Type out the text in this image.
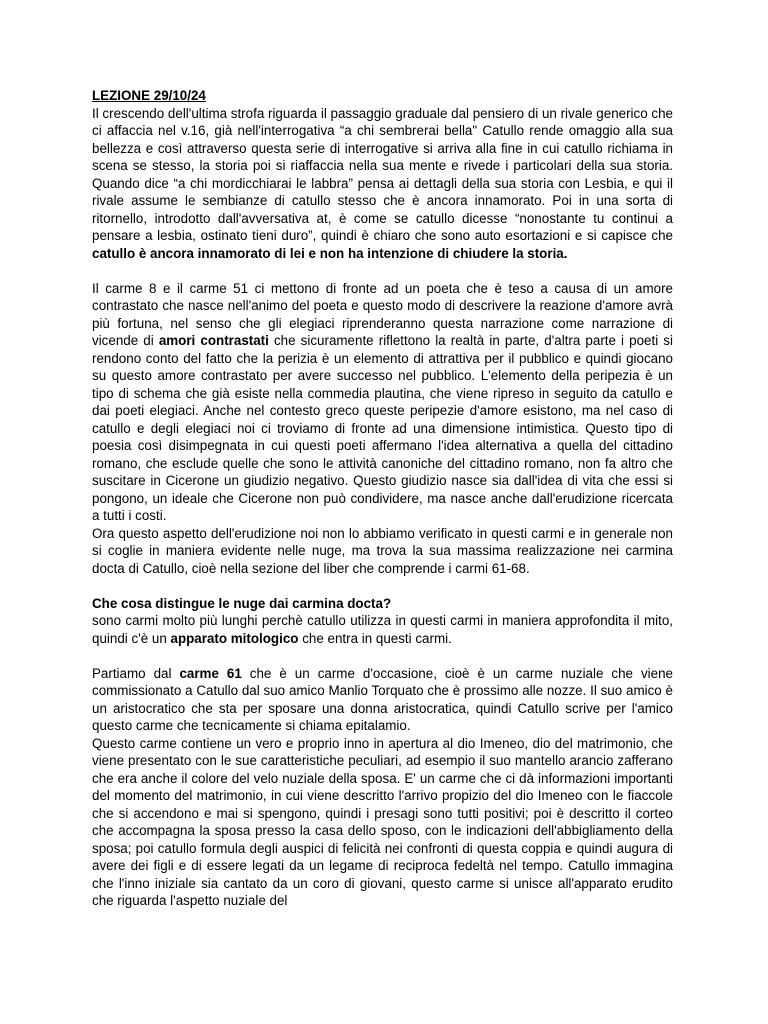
LEZIONE 29/10/24

Il crescendo dell'ultima strofa riguarda il passaggio graduale dal pensiero di un rivale generico che ci affaccia nel v.16, già nell'interrogativa “a chi sembrerai bella" Catullo rende omaggio alla sua bellezza e così attraverso questa serie di interrogative si arriva alla fine in cui catullo richiama in scena se stesso, la storia poi si riaffaccia nella sua mente e rivede i particolari della sua storia. Quando dice “a chi mordicchiarai le labbra” pensa ai dettagli della sua storia con Lesbia, e qui il rivale assume le sembianze di catullo stesso che è ancora innamorato. Poi in una sorta di ritornello, introdotto dall'avversativa at, è come se catullo dicesse “nonostante tu continui a pensare a lesbia, ostinato tieni duro”, quindi è chiaro che sono auto esortazioni e si capisce che catullo è ancora innamorato di lei e non ha intenzione di chiudere la storia.

Il carme 8 e il carme 51 ci mettono di fronte ad un poeta che è teso a causa di un amore contrastato che nasce nell'animo del poeta e questo modo di descrivere la reazione d'amore avrà più fortuna, nel senso che gli elegiaci riprenderanno questa narrazione come narrazione di vicende di amori contrastati che sicuramente riflettono la realtà in parte, d'altra parte i poeti si rendono conto del fatto che la perizia è un elemento di attrattiva per il pubblico e quindi giocano su questo amore contrastato per avere successo nel pubblico. L'elemento della peripezia è un tipo di schema che già esiste nella commedia plautina, che viene ripreso in seguito da catullo e dai poeti elegiaci. Anche nel contesto greco queste peripezie d'amore esistono, ma nel caso di catullo e degli elegiaci noi ci troviamo di fronte ad una dimensione intimistica. Questo tipo di poesia così disimpegnata in cui questi poeti affermano l'idea alternativa a quella del cittadino romano, che esclude quelle che sono le attività canoniche del cittadino romano, non fa altro che suscitare in Cicerone un giudizio negativo. Questo giudizio nasce sia dall'idea di vita che essi si pongono, un ideale che Cicerone non può condividere, ma nasce anche dall'erudizione ricercata a tutti i costi.

Ora questo aspetto dell'erudizione noi non lo abbiamo verificato in questi carmi e in generale non si coglie in maniera evidente nelle nuge, ma trova la sua massima realizzazione nei carmina docta di Catullo, cioè nella sezione del liber che comprende i carmi 61-68.

Che cosa distingue le nuge dai carmina docta?

sono carmi molto più lunghi perchè catullo utilizza in questi carmi in maniera approfondita il mito, quindi c'è un apparato mitologico che entra in questi carmi.

Partiamo dal carme 61 che è un carme d'occasione, cioè è un carme nuziale che viene commissionato a Catullo dal suo amico Manlio Torquato che è prossimo alle nozze. Il suo amico è un aristocratico che sta per sposare una donna aristocratica, quindi Catullo scrive per l'amico questo carme che tecnicamente si chiama epitalamio.

Questo carme contiene un vero e proprio inno in apertura al dio Imeneo, dio del matrimonio, che viene presentato con le sue caratteristiche peculiari, ad esempio il suo mantello arancio zafferano che era anche il colore del velo nuziale della sposa. E' un carme che ci dà informazioni importanti del momento del matrimonio, in cui viene descritto l'arrivo propizio del dio Imeneo con le fiaccole che si accendono e mai si spengono, quindi i presagi sono tutti positivi; poi è descritto il corteo che accompagna la sposa presso la casa dello sposo, con le indicazioni dell'abbigliamento della sposa; poi catullo formula degli auspici di felicità nei confronti di questa coppia e quindi augura di avere dei figli e di essere legati da un legame di reciproca fedeltà nel tempo. Catullo immagina che l'inno iniziale sia cantato da un coro di giovani, questo carme si unisce all'apparato erudito che riguarda l'aspetto nuziale del
